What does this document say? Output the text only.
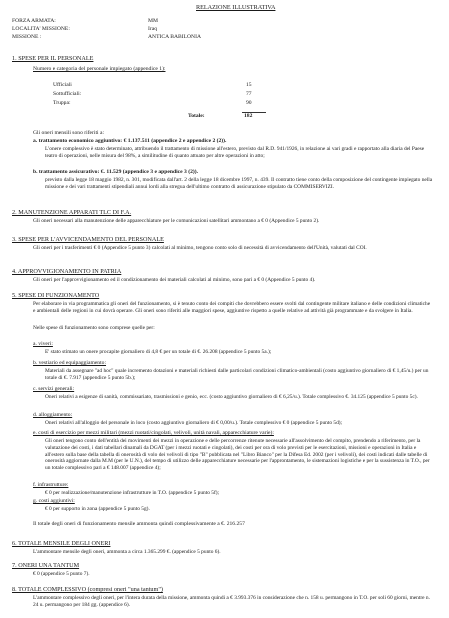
RELAZIONE ILLUSTRATIVA
FORZA ARMATA:	MM
LOCALITA' MISSIONE:	Iraq
MISSIONE :	ANTICA BABILONIA
1. SPESE PER IL PERSONALE
Numero e categoria del personale impiegato (appendice 1):
Ufficiali	15
Sottufficiali:	77
Truppa:	90
Totale:	182
Gli oneri mensili sono riferiti a:
a. trattamento economico aggiuntivo: € 1.137.511 (appendice 2 e appendice 2 (2)).
L'onere complessivo è stato determinato, attribuendo il trattamento di missione all'estero, previsto dal R.D. 941/1926, in relazione ai vari gradi e rapportato alla diaria del Paese teatro di operazioni, nelle misura del 98%, a similitudine di quanto attuato per altre operazioni in atto;
b. trattamento assicurativo: €. 11.529 (appendice 3 e appendice 3 (2)).
previsto dalla legge 18 maggio 1982, n. 301, modificata dall'art. 2 della legge 18 dicembre 1997, n. 439. Il contratto tiene conto della composizione del contingente impiegato nella missione e dei vari trattamenti stipendiali annui lordi alla stregua dell'ultimo contratto di assicurazione stipulato da COMMISERVIZI.
2. MANUTENZIONE APPARATI TLC DI F.A.
Gli oneri necessari alla manutenzione delle apparecchiature per le comunicazioni satellitari ammontano a € 0 (Appendice 5 punto 2).
3. SPESE PER L'AVVICENDAMENTO DEL PERSONALE
Gli oneri per i trasferimenti € 0 (Appendice 5 punto 3) calcolati al minimo, tengono conto solo di necessità di avvicendamento dell'Unità, valutati dal COI.
4. APPROVVIGIONAMENTO IN PATRIA
Gli oneri per l'approvvigionamento ed il condizionamento dei materiali calcolati al minimo, sono pari a € 0 (Appendice 5 punto 4).
5. SPESE DI FUNZIONAMENTO
Per elaborare in via programmatica gli oneri del funzionamento, si è tenuto conto dei compiti che dovrebbero essere svolti dal contingente militare italiano e delle condizioni climatiche e ambientali delle regioni in cui dovrà operare. Gli oneri sono riferiti alle maggiori spese, aggiuntive rispetto a quelle relative ad attività già programmate e da svolgere in Italia.
Nelle spese di funzionamento sono comprese quelle per:
a. viveri:
E' stato stimato un onere procapite giornaliero di 4,8 € per un totale di €. 26.208 (appendice 5 punto 5a.);
b. vestiario ed equipaggiamento:
Materiali da assegnare "ad hoc" quale incremento dotazioni e materiali richiesti dalle particolari condizioni climatico-ambientali (costo aggiuntivo giornaliero di € 1,45/u.) per un totale di €. 7.917 (appendice 5 punto 5b.);
c. servizi generali:
Oneri relativi a esigenze di sanità, commissariato, trasmissioni e genio, ecc. (costo aggiuntivo giornaliero di € 6,25/u.). Totale complessivo €. 34.125 (appendice 5 punto 5c).
d. alloggiamento:
Oneri relativi all'alloggio del personale in loco (costo aggiuntivo giornaliero di € 0,00/u.). Totale complessivo € 0 (appendice 5 punto 5d);
e. costi di esercizio per mezzi militari (mezzi ruotati/cingolati, velivoli, unità navali, apparecchiature varie):
Gli oneri tengono conto dell'entità dei movimenti dei mezzi in operazione e delle percorrenze ritenute necessarie all'assolvimento del compito, prendendo a riferimento, per la valutazione dei costi, i dati tabellari dinamali da DGAT (per i mezzi ruotati e cingolati), dei costi per ora di volo previsti per le esercitazioni, missioni e operazioni in Italia e all'estero sulla base della tabella di onerosità di volo dei velivoli di tipo "B" pubblicata nel "Libro Bianco" per la Difesa Ed. 2002 (per i velivoli), dei costi indicati dalle tabelle di onerosità aggiornate dalla M.M (per le U.N.), del tempo di utilizzo delle apparecchiature necessarie per l'approntamento, le sistemazioni logistiche e per la sussistenza in T.O., per un totale complessivo pari a € 148.007 (appendice 4);
f. infrastrutture:
€ 0 per realizzazione/manutenzione infrastrutture in T.O. (appendice 5 punto 5f);
g. costi aggiuntivi:
€ 0 per supporto in zona (appendice 5 punto 5g).
Il totale degli oneri di funzionamento mensile ammonta quindi complessivamente a €. 216.257
6. TOTALE MENSILE DEGLI ONERI
L'ammontare mensile degli oneri, ammonta a circa 1.365.299 €. (appendice 5 punto 6).
7. ONERI UNA TANTUM
€ 0 (appendice 5 punto 7).
8. TOTALE COMPLESSIVO (compresi oneri "una tantum")
L'ammontare complessivo degli oneri, per l'intera durata della missione, ammonta quindi a € 3.993.376 in considerazione che n. 158 u. permangono in T.O. per soli 60 giorni, mentre n. 24 u. permangono per 184 gg. (appendice 6).
